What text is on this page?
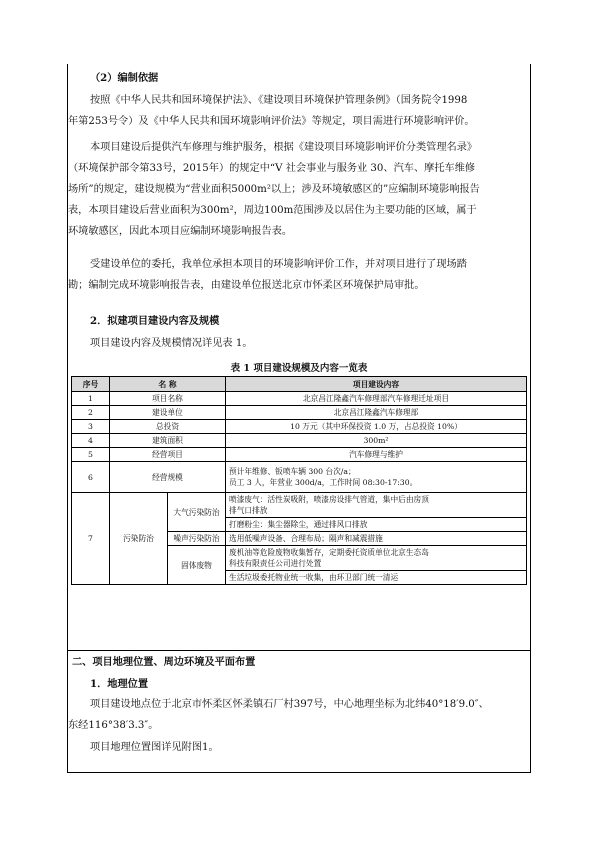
（2）编制依据
按照《中华人民共和国环境保护法》、《建设项目环境保护管理条例》（国务院令1998
年第253号令）及《中华人民共和国环境影响评价法》等规定，项目需进行环境影响评价。
本项目建设后提供汽车修理与维护服务，根据《建设项目环境影响评价分类管理名录》
（环境保护部令第33号，2015年）的规定中“V 社会事业与服务业 30、汽车、摩托车维修
场所”的规定，建设规模为“营业面积5000m²以上；涉及环境敏感区的”应编制环境影响报告
表，本项目建设后营业面积为300m²，周边100m范围涉及以居住为主要功能的区域，属于
环境敏感区，因此本项目应编制环境影响报告表。
受建设单位的委托，我单位承担本项目的环境影响评价工作，并对项目进行了现场踏
勘；编制完成环境影响报告表，由建设单位报送北京市怀柔区环境保护局审批。
2．拟建项目建设内容及规模
项目建设内容及规模情况详见表 1。
表 1 项目建设规模及内容一览表
序号	名 称		项目建设内容
1	项目名称		北京昌江隆鑫汽车修理部汽车修理迁址项目
2	建设单位		北京昌江隆鑫汽车修理部
3	总投资		10 万元（其中环保投资 1.0 万，占总投资 10%）
4	建筑面积		300m²
5	经营项目		汽车修理与维护
6	经营规模		预计年维修、钣喷车辆 300 台次/a；
员工 3 人，年营业 300d/a，工作时间 08:30-17:30。

7	污染防治	大气污染防治	喷漆废气：活性炭吸附，喷漆房设排气管道，集中后由房顶
排气口排放

			打磨粉尘：集尘器除尘，通过排风口排放
		噪声污染防治	选用低噪声设备、合理布局；隔声和减震措施
		固体废物	废机油等危险废物收集暂存，定期委托资质单位北京生态岛
科技有限责任公司进行处置

			生活垃圾委托物业统一收集，由环卫部门统一清运
二、项目地理位置、周边环境及平面布置
1．地理位置
项目建设地点位于北京市怀柔区怀柔镇石厂村397号，中心地理坐标为北纬40°18′9.0″、
东经116°38′3.3″。
项目地理位置图详见附图1。
